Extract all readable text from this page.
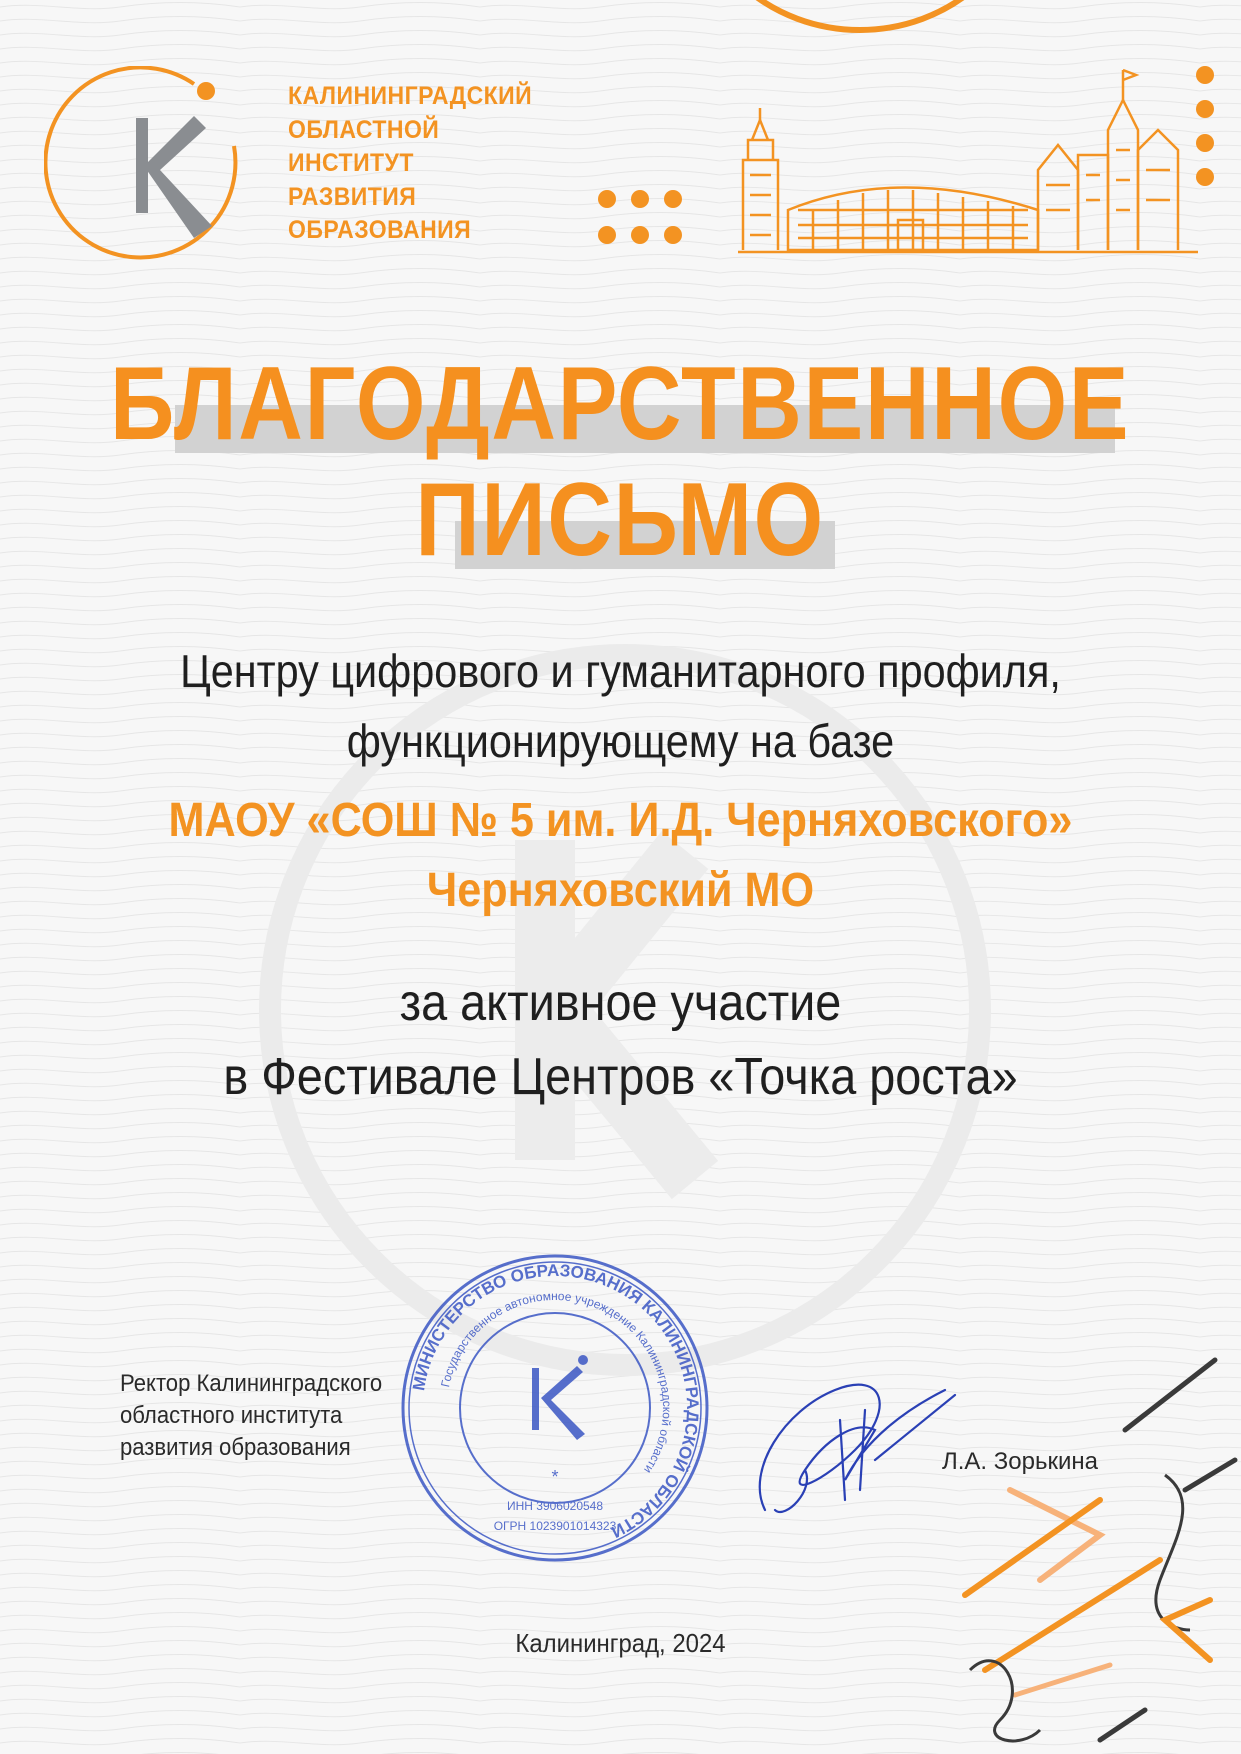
КАЛИНИНГРАДСКИЙ
ОБЛАСТНОЙ
ИНСТИТУТ
РАЗВИТИЯ
ОБРАЗОВАНИЯ
БЛАГОДАРСТВЕННОЕ
ПИСЬМО
Центру цифрового и гуманитарного профиля,
функционирующему на базе
МАОУ «СОШ № 5 им. И.Д. Черняховского»
Черняховский МО
за активное участие
в Фестивале Центров «Точка роста»
Ректор Калининградского
областного института
развития образования
Л.А. Зорькина
МИНИСТЕРСТВО ОБРАЗОВАНИЯ КАЛИНИНГРАДСКОЙ ОБЛАСТИ
Государственное автономное учреждение Калининградской области
*
ИНН 3906020548
ОГРН 1023901014323
Калининград, 2024
